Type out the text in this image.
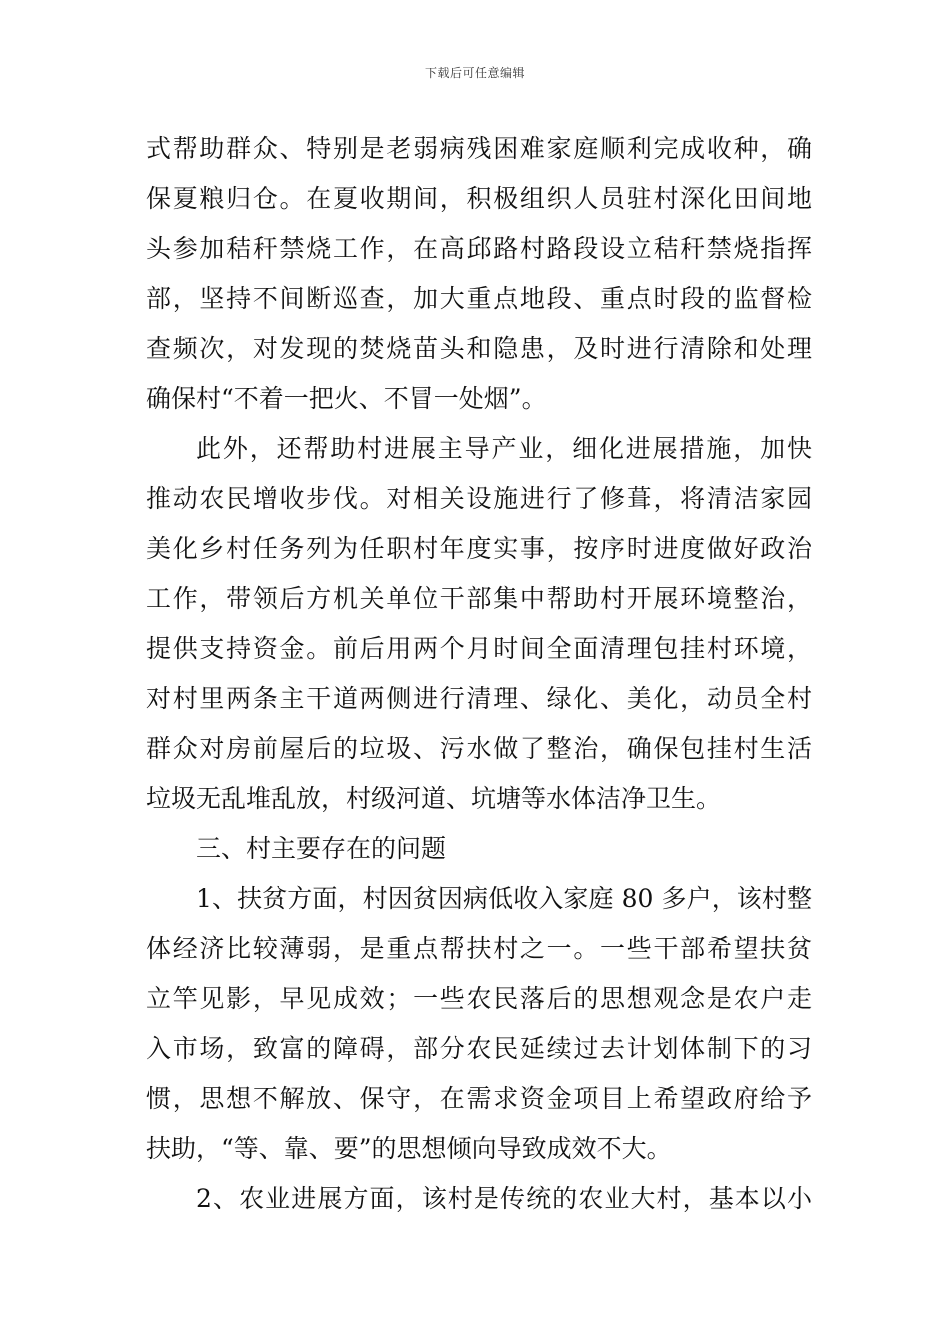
下载后可任意编辑
式帮助群众、特别是老弱病残困难家庭顺利完成收种，确
保夏粮归仓。在夏收期间，积极组织人员驻村深化田间地
头参加秸秆禁烧工作，在高邱路村路段设立秸秆禁烧指挥
部，坚持不间断巡查，加大重点地段、重点时段的监督检
查频次，对发现的焚烧苗头和隐患，及时进行清除和处理
确保村“不着一把火、不冒一处烟”。
此外，还帮助村进展主导产业，细化进展措施，加快
推动农民增收步伐。对相关设施进行了修葺，将清洁家园
美化乡村任务列为任职村年度实事，按序时进度做好政治
工作，带领后方机关单位干部集中帮助村开展环境整治，
提供支持资金。前后用两个月时间全面清理包挂村环境，
对村里两条主干道两侧进行清理、绿化、美化，动员全村
群众对房前屋后的垃圾、污水做了整治，确保包挂村生活
垃圾无乱堆乱放，村级河道、坑塘等水体洁净卫生。
三、村主要存在的问题
1、扶贫方面，村因贫因病低收入家庭 80 多户，该村整
体经济比较薄弱，是重点帮扶村之一。一些干部希望扶贫
立竿见影，早见成效；一些农民落后的思想观念是农户走
入市场，致富的障碍，部分农民延续过去计划体制下的习
惯，思想不解放、保守，在需求资金项目上希望政府给予
扶助，“等、靠、要”的思想倾向导致成效不大。
2、农业进展方面，该村是传统的农业大村，基本以小
